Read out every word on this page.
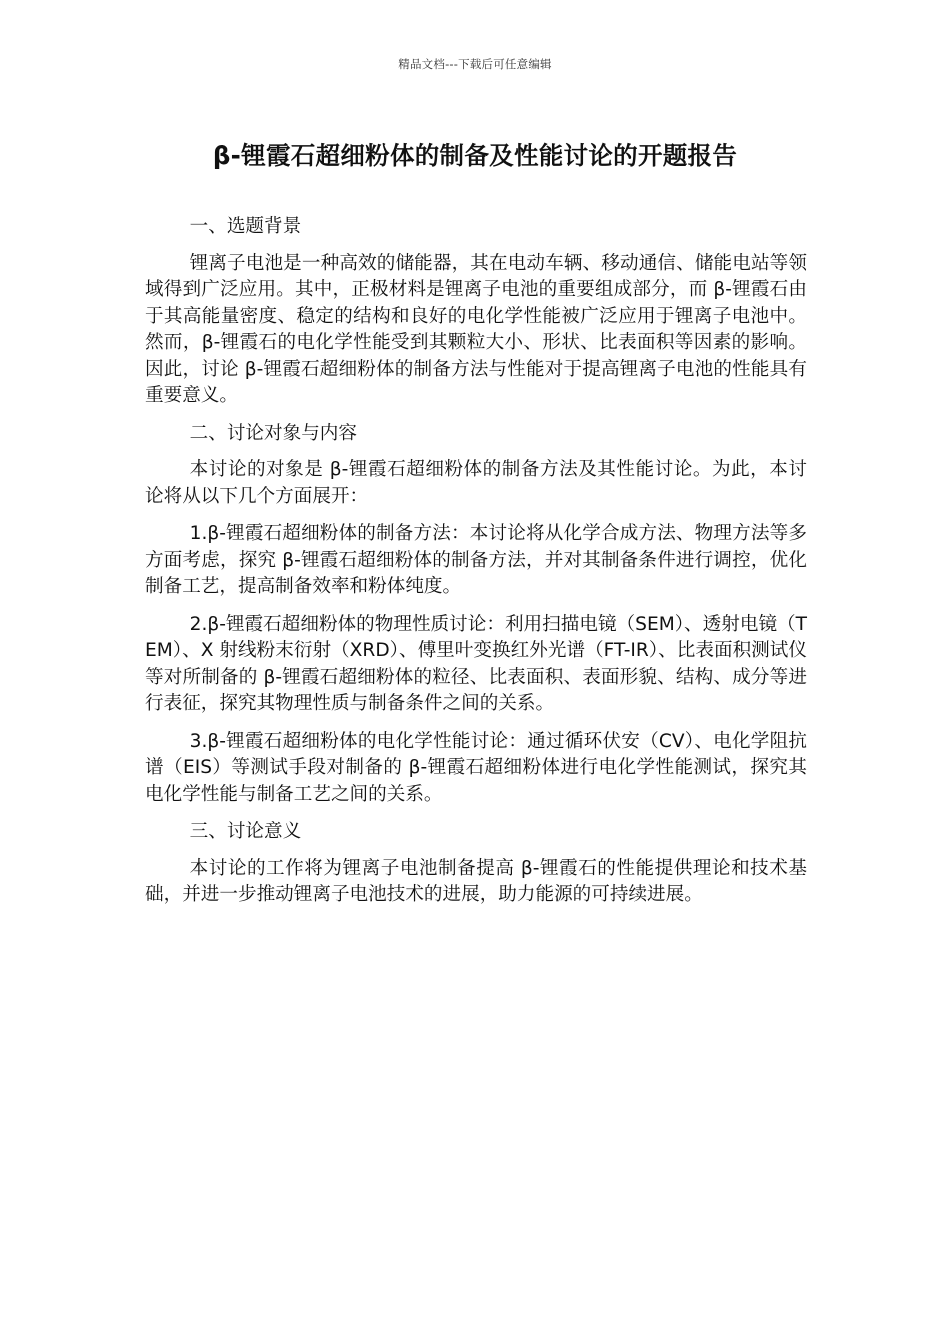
精品文档---下载后可任意编辑
β-锂霞石超细粉体的制备及性能讨论的开题报告

一、选题背景

锂离子电池是一种高效的储能器，其在电动车辆、移动通信、储能电站等领域得到广泛应用。其中，正极材料是锂离子电池的重要组成部分，而 β-锂霞石由于其高能量密度、稳定的结构和良好的电化学性能被广泛应用于锂离子电池中。然而，β-锂霞石的电化学性能受到其颗粒大小、形状、比表面积等因素的影响。因此，讨论 β-锂霞石超细粉体的制备方法与性能对于提高锂离子电池的性能具有重要意义。

二、讨论对象与内容

本讨论的对象是 β-锂霞石超细粉体的制备方法及其性能讨论。为此，本讨论将从以下几个方面展开：

1.β-锂霞石超细粉体的制备方法：本讨论将从化学合成方法、物理方法等多方面考虑，探究 β-锂霞石超细粉体的制备方法，并对其制备条件进行调控，优化制备工艺，提高制备效率和粉体纯度。

2.β-锂霞石超细粉体的物理性质讨论：利用扫描电镜（SEM）、透射电镜（TEM）、X 射线粉末衍射（XRD）、傅里叶变换红外光谱（FT-IR）、比表面积测试仪等对所制备的 β-锂霞石超细粉体的粒径、比表面积、表面形貌、结构、成分等进行表征，探究其物理性质与制备条件之间的关系。

3.β-锂霞石超细粉体的电化学性能讨论：通过循环伏安（CV）、电化学阻抗谱（EIS）等测试手段对制备的 β-锂霞石超细粉体进行电化学性能测试，探究其电化学性能与制备工艺之间的关系。

三、讨论意义

本讨论的工作将为锂离子电池制备提高 β-锂霞石的性能提供理论和技术基础，并进一步推动锂离子电池技术的进展，助力能源的可持续进展。
